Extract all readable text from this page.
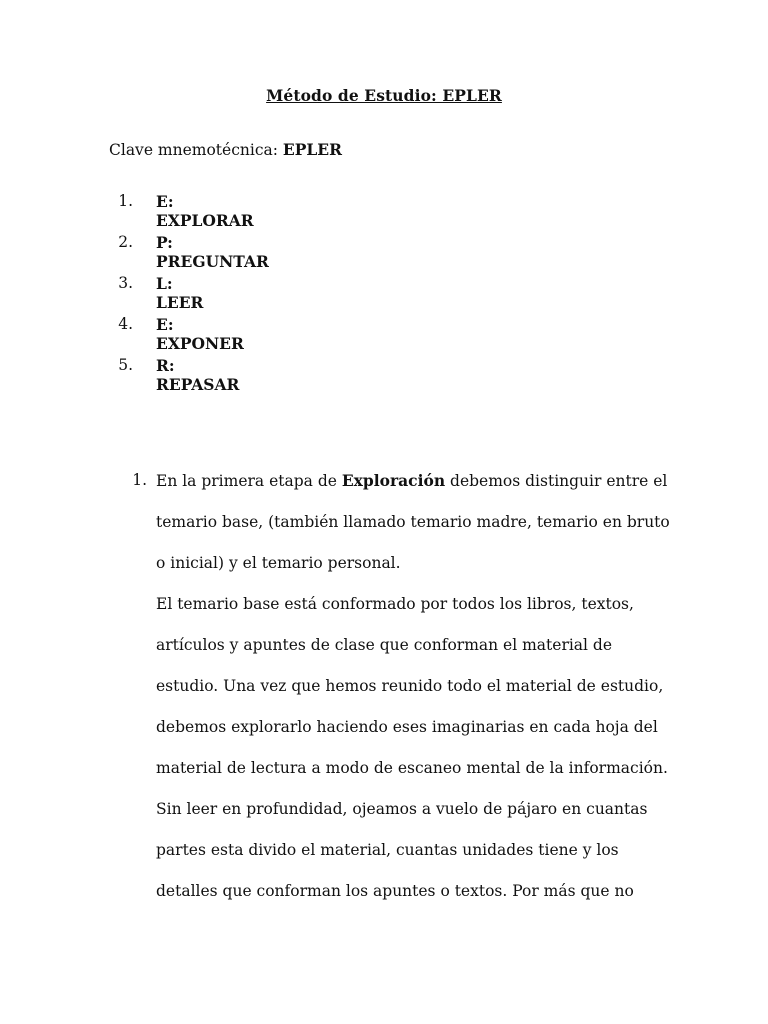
Método de Estudio: EPLER
Clave mnemotécnica: EPLER
1. E: EXPLORAR
2. P: PREGUNTAR
3. L: LEER
4. E: EXPONER
5. R: REPASAR
1. En la primera etapa de Exploración debemos distinguir entre el
temario base, (también llamado temario madre, temario en bruto
o inicial) y el temario personal.
El temario base está conformado por todos los libros, textos,
artículos y apuntes de clase que conforman el material de
estudio. Una vez que hemos reunido todo el material de estudio,
debemos explorarlo haciendo eses imaginarias en cada hoja del
material de lectura a modo de escaneo mental de la información.
Sin leer en profundidad, ojeamos a vuelo de pájaro en cuantas
partes esta divido el material, cuantas unidades tiene y los
detalles que conforman los apuntes o textos. Por más que no
